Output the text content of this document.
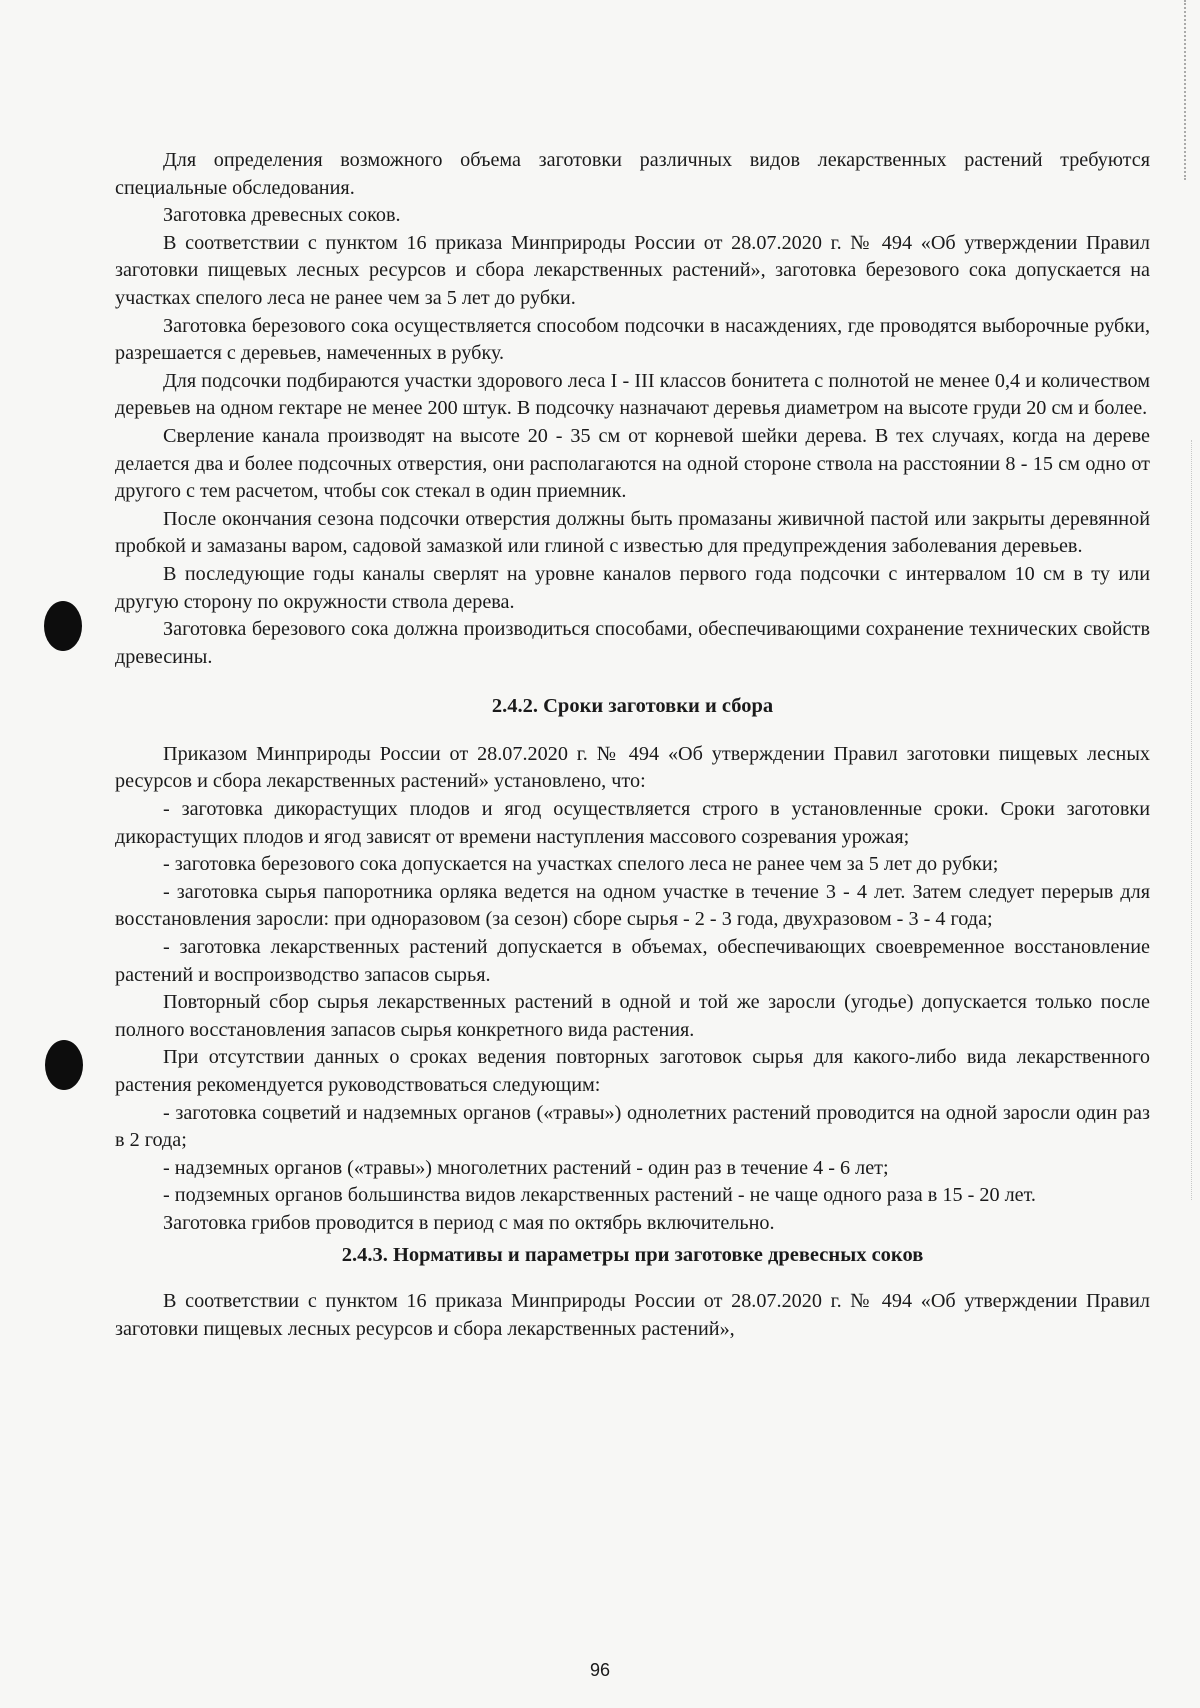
Для определения возможного объема заготовки различных видов лекарственных растений требуются специальные обследования.

Заготовка древесных соков.

В соответствии с пунктом 16 приказа Минприроды России от 28.07.2020 г. № 494 «Об утверждении Правил заготовки пищевых лесных ресурсов и сбора лекарственных растений», заготовка березового сока допускается на участках спелого леса не ранее чем за 5 лет до рубки.

Заготовка березового сока осуществляется способом подсочки в насаждениях, где проводятся выборочные рубки, разрешается с деревьев, намеченных в рубку.

Для подсочки подбираются участки здорового леса I - III классов бонитета с полнотой не менее 0,4 и количеством деревьев на одном гектаре не менее 200 штук. В подсочку назначают деревья диаметром на высоте груди 20 см и более.

Сверление канала производят на высоте 20 - 35 см от корневой шейки дерева. В тех случаях, когда на дереве делается два и более подсочных отверстия, они располагаются на одной стороне ствола на расстоянии 8 - 15 см одно от другого с тем расчетом, чтобы сок стекал в один приемник.

После окончания сезона подсочки отверстия должны быть промазаны живичной пастой или закрыты деревянной пробкой и замазаны варом, садовой замазкой или глиной с известью для предупреждения заболевания деревьев.

В последующие годы каналы сверлят на уровне каналов первого года подсочки с интервалом 10 см в ту или другую сторону по окружности ствола дерева.

Заготовка березового сока должна производиться способами, обеспечивающими сохранение технических свойств древесины.

2.4.2. Сроки заготовки и сбора

Приказом Минприроды России от 28.07.2020 г. № 494 «Об утверждении Правил заготовки пищевых лесных ресурсов и сбора лекарственных растений» установлено, что:

- заготовка дикорастущих плодов и ягод осуществляется строго в установленные сроки. Сроки заготовки дикорастущих плодов и ягод зависят от времени наступления массового созревания урожая;

- заготовка березового сока допускается на участках спелого леса не ранее чем за 5 лет до рубки;

- заготовка сырья папоротника орляка ведется на одном участке в течение 3 - 4 лет. Затем следует перерыв для восстановления заросли: при одноразовом (за сезон) сборе сырья - 2 - 3 года, двухразовом - 3 - 4 года;

- заготовка лекарственных растений допускается в объемах, обеспечивающих своевременное восстановление растений и воспроизводство запасов сырья.

Повторный сбор сырья лекарственных растений в одной и той же заросли (угодье) допускается только после полного восстановления запасов сырья конкретного вида растения.

При отсутствии данных о сроках ведения повторных заготовок сырья для какого-либо вида лекарственного растения рекомендуется руководствоваться следующим:

- заготовка соцветий и надземных органов («травы») однолетних растений проводится на одной заросли один раз в 2 года;

- надземных органов («травы») многолетних растений - один раз в течение 4 - 6 лет;

- подземных органов большинства видов лекарственных растений - не чаще одного раза в 15 - 20 лет.

Заготовка грибов проводится в период с мая по октябрь включительно.

2.4.3. Нормативы и параметры при заготовке древесных соков

В соответствии с пунктом 16 приказа Минприроды России от 28.07.2020 г. № 494 «Об утверждении Правил заготовки пищевых лесных ресурсов и сбора лекарственных растений»,

96
